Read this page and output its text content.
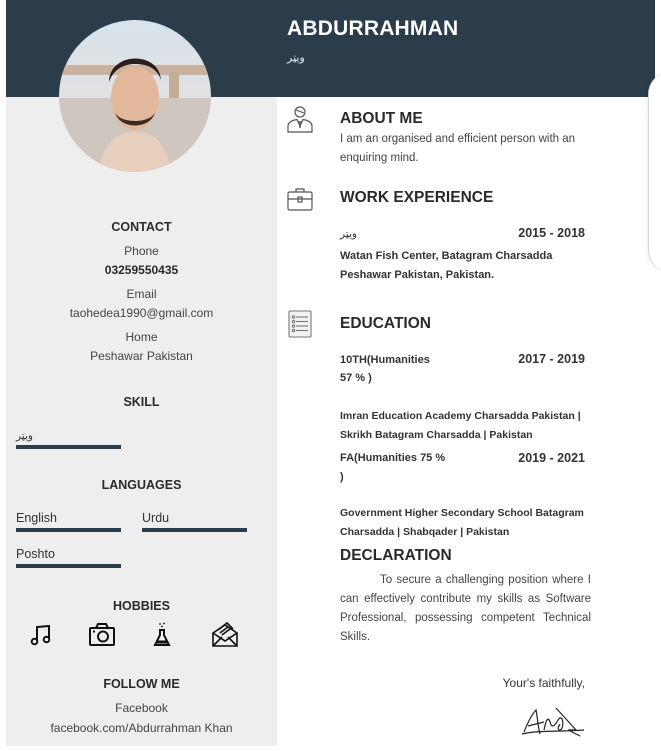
ABDURRAHMAN
ویټر
CONTACT
Phone
03259550435
Email
taohedea1990@gmail.com
Home
Peshawar Pakistan
SKILL
ویټر
LANGUAGES
English	Urdu
Poshto
HOBBIES
FOLLOW ME
Facebook
facebook.com/Abdurrahman Khan
ABOUT ME
I am an organised and efficient person with an enquiring mind.
WORK EXPERIENCE
ویټر	2015 - 2018
Watan Fish Center, Batagram Charsadda Peshawar Pakistan, Pakistan.
EDUCATION
10TH(Humanities
57 % )
2017 - 2019
Imran Education Academy Charsadda Pakistan | Skrikh Batagram Charsadda | Pakistan
FA(Humanities 75 %
)
2019 - 2021
Government Higher Secondary School Batagram Charsadda | Shabqader | Pakistan
DECLARATION
To secure a challenging position where I can effectively contribute my skills as Software Professional, possessing competent Technical Skills.
Your's faithfully,
